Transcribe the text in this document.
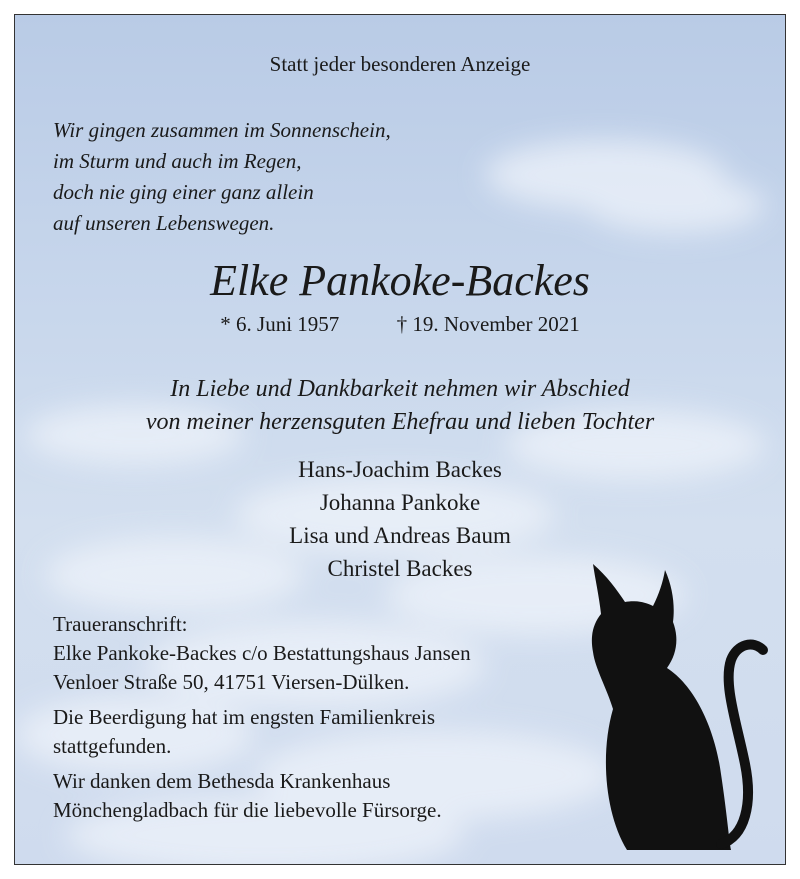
Statt jeder besonderen Anzeige
Wir gingen zusammen im Sonnenschein,
im Sturm und auch im Regen,
doch nie ging einer ganz allein
auf unseren Lebenswegen.
Elke Pankoke-Backes
* 6. Juni 1957	† 19. November 2021
In Liebe und Dankbarkeit nehmen wir Abschied
von meiner herzensguten Ehefrau und lieben Tochter
Hans-Joachim Backes
Johanna Pankoke
Lisa und Andreas Baum
Christel Backes
Traueranschrift:
Elke Pankoke-Backes c/o Bestattungshaus Jansen
Venloer Straße 50, 41751 Viersen-Dülken.
Die Beerdigung hat im engsten Familienkreis
stattgefunden.
Wir danken dem Bethesda Krankenhaus
Mönchengladbach für die liebevolle Fürsorge.
